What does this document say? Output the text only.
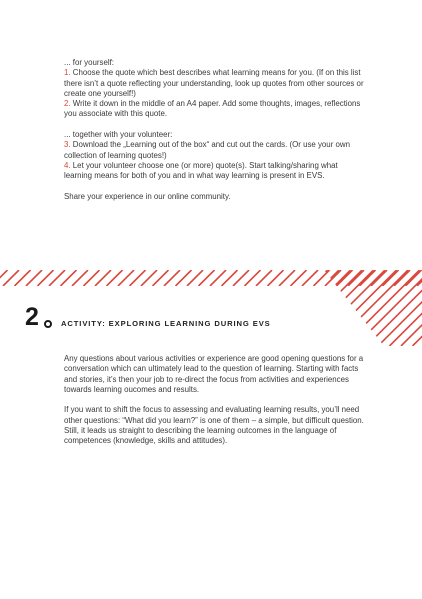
... for yourself:

1. Choose the quote which best describes what learning means for you. (If on this list there isn’t a quote reflecting your understanding, look up quotes from other sources or create one yourself!)

2. Write it down in the middle of an A4 paper. Add some thoughts, images, reflections you associate with this quote.

... together with your volunteer:

3. Download the „Learning out of the box“ and cut out the cards. (Or use your own collection of learning quotes!)

4. Let your volunteer choose one (or more) quote(s). Start talking/sharing what learning means for both of you and in what way learning is present in EVS.

Share your experience in our online community.

2	ACTIVITY: EXPLORING LEARNING DURING EVS

Any questions about various activities or experience are good opening questions for a conversation which can ultimately lead to the question of learning. Starting with facts and stories, it’s then your job to re-direct the focus from activities and experiences towards learning oucomes and results.

If you want to shift the focus to assessing and evaluating learning results, you’ll need other questions: “What did you learn?” is one of them – a simple, but difficult question. Still, it leads us straight to describing the learning outcomes in the language of competences (knowledge, skills and attitudes).
